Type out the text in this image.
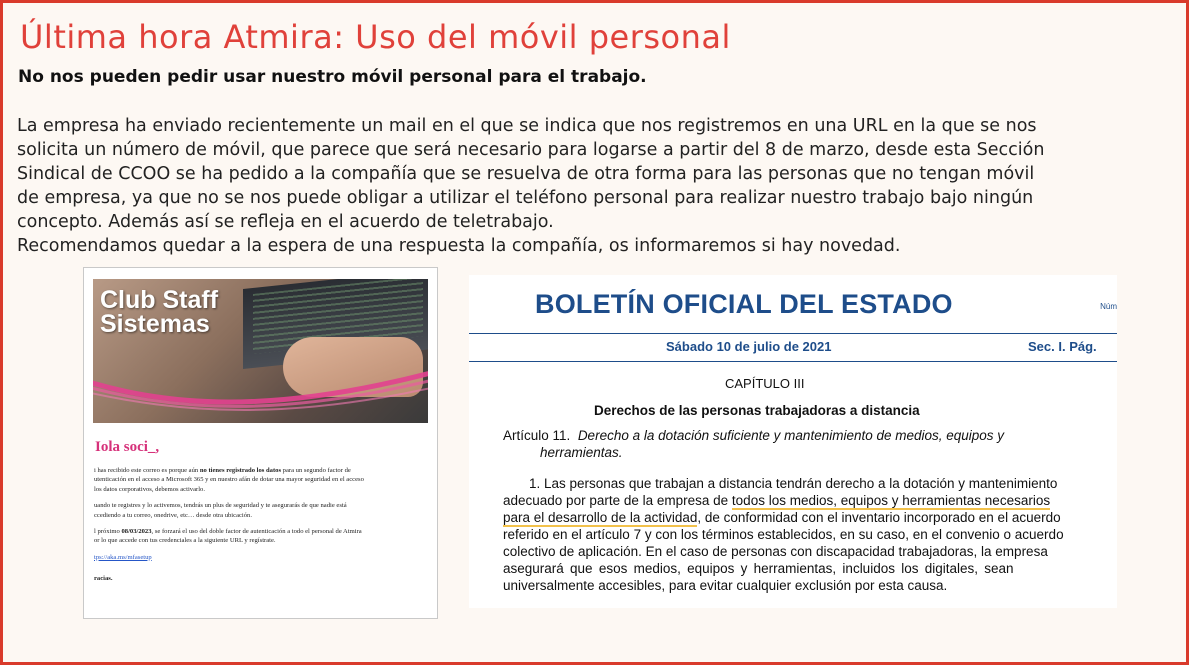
Última hora Atmira: Uso del móvil personal
No nos pueden pedir usar nuestro móvil personal para el trabajo.

La empresa ha enviado recientemente un mail en el que se indica que nos registremos en una URL en la que se nos

solicita un número de móvil, que parece que será necesario para logarse a partir del 8 de marzo, desde esta Sección

Sindical de CCOO se ha pedido a la compañía que se resuelva de otra forma para las personas que no tengan móvil

de empresa, ya que no se nos puede obligar a utilizar el teléfono personal para realizar nuestro trabajo bajo ningún

concepto. Además así se refleja en el acuerdo de teletrabajo.

Recomendamos quedar a la espera de una respuesta la compañía, os informaremos si hay novedad.

Club Staff
Sistemas
Iola soci_,

i has recibido este correo es porque aún no tienes registrado los datos para un segundo factor de
utenticación en el acceso a Microsoft 365 y en nuestro afán de dotar una mayor seguridad en el acceso
los datos corporativos, debemos activarlo.

uando te registres y lo activemos, tendrás un plus de seguridad y te asegurarás de que nadie está
ccediendo a tu correo, onedrive, etc… desde otra ubicación.

l próximo 08/03/2023, se forzará el uso del doble factor de autenticación a todo el personal de Atmira
or lo que accede con tus credenciales a la siguiente URL y regístrate.

tps://aka.ms/mfasetup

racias.

BOLETÍN OFICIAL DEL ESTADO	Núm
Sábado 10 de julio de 2021	Sec. I. Pág.
CAPÍTULO III
Derechos de las personas trabajadoras a distancia
Artículo 11. Derecho a la dotación suficiente y mantenimiento de medios, equipos y
herramientas.

1. Las personas que trabajan a distancia tendrán derecho a la dotación y mantenimiento

adecuado por parte de la empresa de todos los medios, equipos y herramientas necesarios

para el desarrollo de la actividad, de conformidad con el inventario incorporado en el acuerdo

referido en el artículo 7 y con los términos establecidos, en su caso, en el convenio o acuerdo

colectivo de aplicación. En el caso de personas con discapacidad trabajadoras, la empresa

asegurará que esos medios, equipos y herramientas, incluidos los digitales, sean

universalmente accesibles, para evitar cualquier exclusión por esta causa.
